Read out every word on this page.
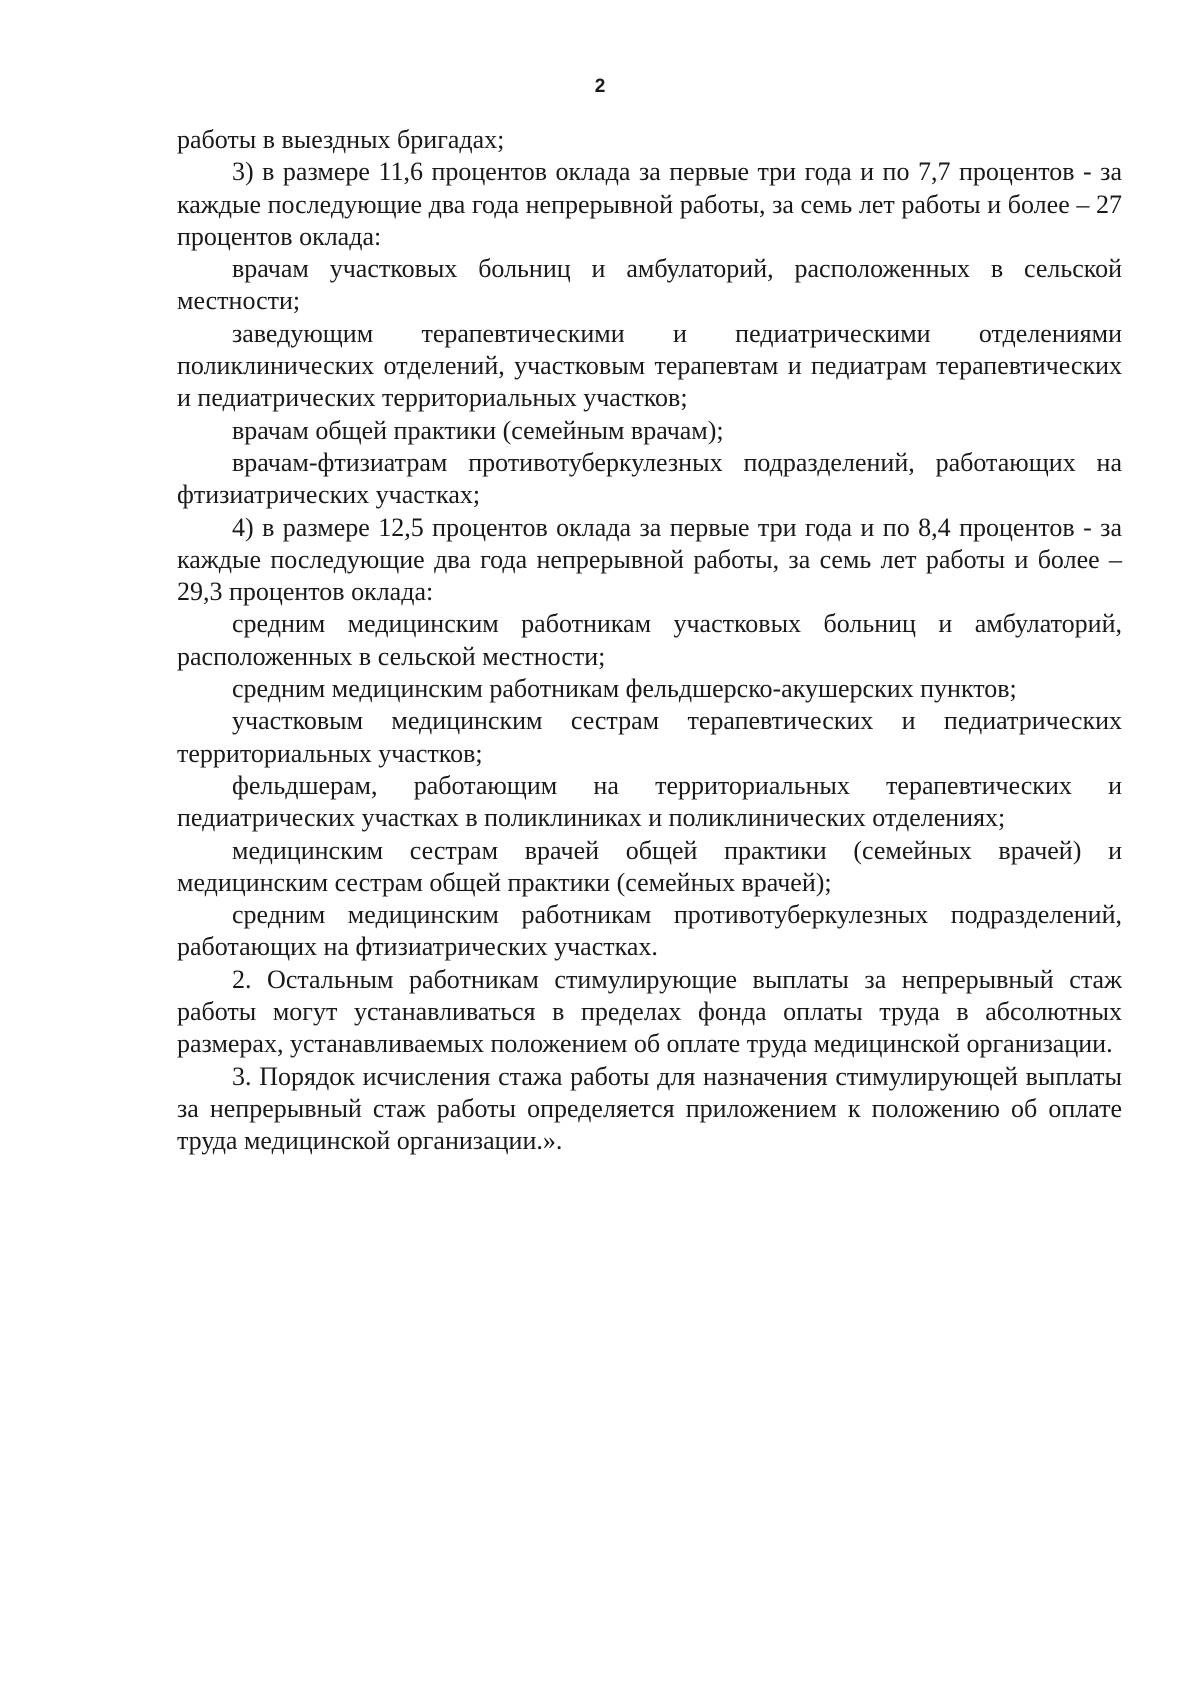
2

работы в выездных бригадах;

3) в размере 11,6 процентов оклада за первые три года и по 7,7 процентов - за каждые последующие два года непрерывной работы, за семь лет работы и более – 27 процентов оклада:

врачам участковых больниц и амбулаторий, расположенных в сельской местности;

заведующим терапевтическими и педиатрическими отделениями поликлинических отделений, участковым терапевтам и педиатрам терапевтических и педиатрических территориальных участков;

врачам общей практики (семейным врачам);

врачам-фтизиатрам противотуберкулезных подразделений, работающих на фтизиатрических участках;

4) в размере 12,5 процентов оклада за первые три года и по 8,4 процентов - за каждые последующие два года непрерывной работы, за семь лет работы и более – 29,3 процентов оклада:

средним медицинским работникам участковых больниц и амбулаторий, расположенных в сельской местности;

средним медицинским работникам фельдшерско-акушерских пунктов;

участковым медицинским сестрам терапевтических и педиатрических территориальных участков;

фельдшерам, работающим на территориальных терапевтических и педиатрических участках в поликлиниках и поликлинических отделениях;

медицинским сестрам врачей общей практики (семейных врачей) и медицинским сестрам общей практики (семейных врачей);

средним медицинским работникам противотуберкулезных подразделений, работающих на фтизиатрических участках.

2. Остальным работникам стимулирующие выплаты за непрерывный стаж работы могут устанавливаться в пределах фонда оплаты труда в абсолютных размерах, устанавливаемых положением об оплате труда медицинской организации.

3. Порядок исчисления стажа работы для назначения стимулирующей выплаты за непрерывный стаж работы определяется приложением к положению об оплате труда медицинской организации.».
